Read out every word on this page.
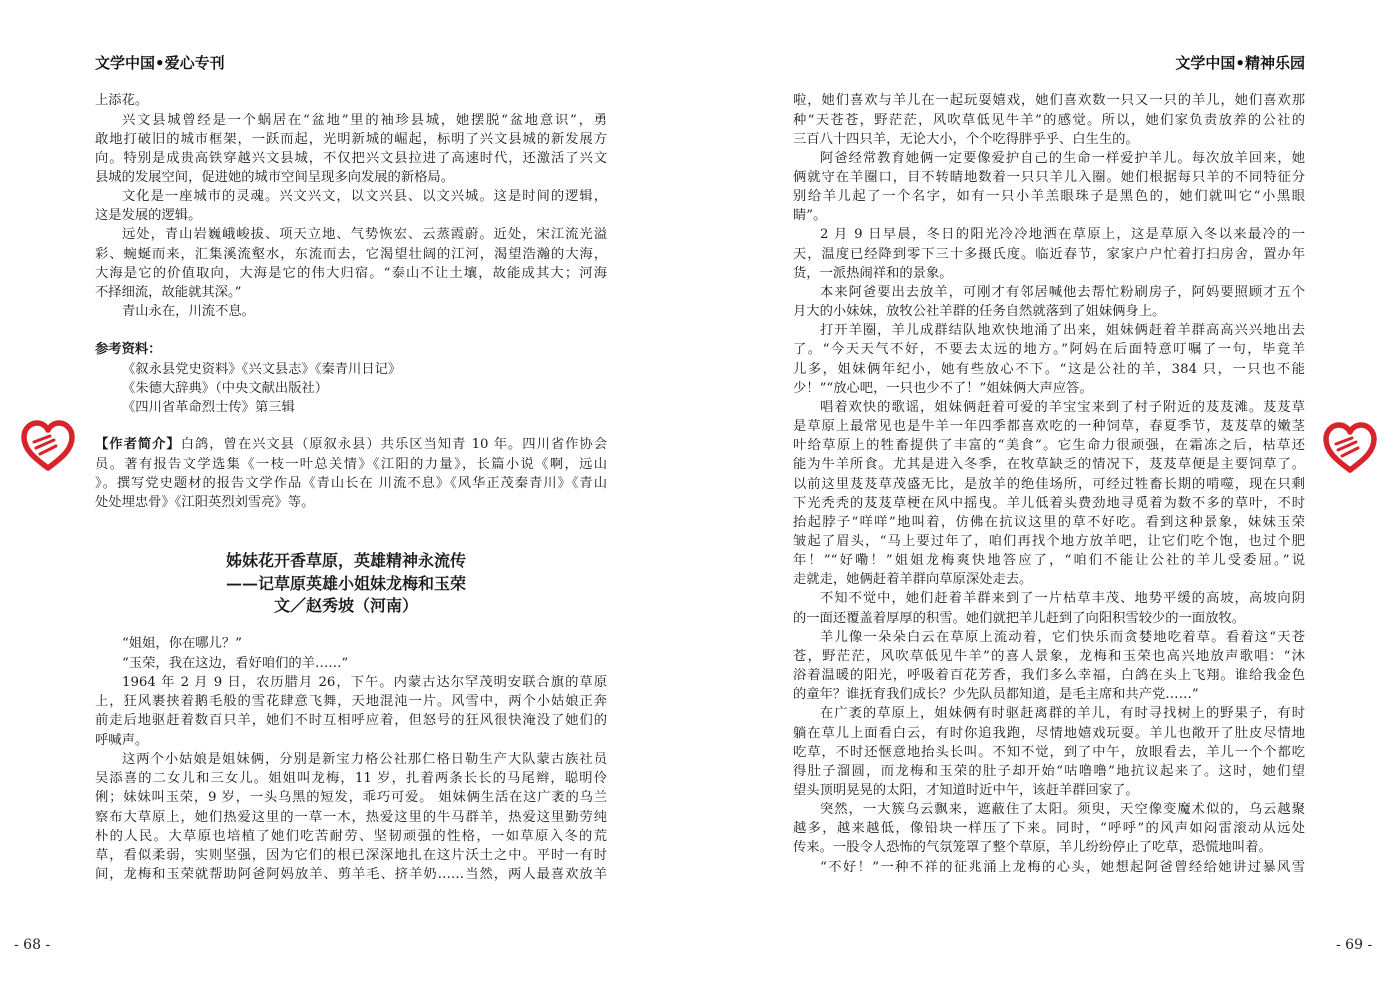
文学中国•爱心专刊
上添花。
兴文县城曾经是一个蜗居在“盆地”里的袖珍县城，她摆脱“盆地意识”，勇
敢地打破旧的城市框架，一跃而起，光明新城的崛起，标明了兴文县城的新发展方
向。特别是成贵高铁穿越兴文县城，不仅把兴文县拉进了高速时代，还激活了兴文
县城的发展空间，促进她的城市空间呈现多向发展的新格局。
文化是一座城市的灵魂。兴文兴文，以文兴县、以文兴城。这是时间的逻辑，
这是发展的逻辑。
远处，青山岩巍峨峻拔、项天立地、气势恢宏、云蒸霞蔚。近处，宋江流光溢
彩、蜿蜒而来，汇集溪流壑水，东流而去，它渴望壮阔的江河，渴望浩瀚的大海，
大海是它的价值取向，大海是它的伟大归宿。“泰山不让土壤，故能成其大；河海
不择细流，故能就其深。”
青山永在，川流不息。
参考资料：
《叙永县党史资料》《兴文县志》《秦青川日记》
《朱德大辞典》（中央文献出版社）
《四川省革命烈士传》第三辑
【作者简介】白鸽，曾在兴文县（原叙永县）共乐区当知青 10 年。四川省作协会
员。著有报告文学选集《一枝一叶总关情》《江阳的力量》，长篇小说《啊，远山
》。撰写党史题材的报告文学作品《青山长在 川流不息》《风华正茂秦青川》《青山
处处埋忠骨》《江阳英烈刘雪亮》等。
姊妹花开香草原，英雄精神永流传
——记草原英雄小姐妹龙梅和玉荣
文／赵秀坡（河南）
“姐姐，你在哪儿？”
“玉荣，我在这边，看好咱们的羊……”
1964 年 2 月 9 日，农历腊月 26，下午。内蒙古达尔罕茂明安联合旗的草原
上，狂风裹挟着鹅毛般的雪花肆意飞舞，天地混沌一片。风雪中，两个小姑娘正奔
前走后地驱赶着数百只羊，她们不时互相呼应着，但怒号的狂风很快淹没了她们的
呼喊声。
这两个小姑娘是姐妹俩，分别是新宝力格公社那仁格日勒生产大队蒙古族社员
吴添喜的二女儿和三女儿。姐姐叫龙梅，11 岁，扎着两条长长的马尾辫，聪明伶
俐；妹妹叫玉荣，9 岁，一头乌黑的短发，乖巧可爱。 姐妹俩生活在这广袤的乌兰
察布大草原上，她们热爱这里的一草一木，热爱这里的牛马群羊，热爱这里勤劳纯
朴的人民。大草原也培植了她们吃苦耐劳、坚韧顽强的性格，一如草原入冬的荒
草，看似柔弱，实则坚强，因为它们的根已深深地扎在这片沃土之中。平时一有时
间，龙梅和玉荣就帮助阿爸阿妈放羊、剪羊毛、挤羊奶……当然，两人最喜欢放羊
- 68 -
文学中国•精神乐园
啦，她们喜欢与羊儿在一起玩耍嬉戏，她们喜欢数一只又一只的羊儿，她们喜欢那
种“天苍苍，野茫茫，风吹草低见牛羊”的感觉。所以，她们家负责放养的公社的
三百八十四只羊，无论大小，个个吃得胖乎乎、白生生的。
阿爸经常教育她俩一定要像爱护自己的生命一样爱护羊儿。每次放羊回来，她
俩就守在羊圈口，目不转睛地数着一只只羊儿入圈。她们根据每只羊的不同特征分
别给羊儿起了一个名字，如有一只小羊羔眼珠子是黑色的，她们就叫它“小黑眼
睛”。
2 月 9 日早晨，冬日的阳光冷冷地洒在草原上，这是草原入冬以来最冷的一
天，温度已经降到零下三十多摄氏度。临近春节，家家户户忙着打扫房舍，置办年
货，一派热闹祥和的景象。
本来阿爸要出去放羊，可刚才有邻居喊他去帮忙粉刷房子，阿妈要照顾才五个
月大的小妹妹，放牧公社羊群的任务自然就落到了姐妹俩身上。
打开羊圈，羊儿成群结队地欢快地涌了出来，姐妹俩赶着羊群高高兴兴地出去
了。“今天天气不好，不要去太远的地方。”阿妈在后面特意叮嘱了一句，毕竟羊
儿多，姐妹俩年纪小，她有些放心不下。“这是公社的羊，384 只，一只也不能
少！”“放心吧，一只也少不了！”姐妹俩大声应答。
唱着欢快的歌谣，姐妹俩赶着可爱的羊宝宝来到了村子附近的芨芨滩。芨芨草
是草原上最常见也是牛羊一年四季都喜欢吃的一种饲草，春夏季节，芨芨草的嫩茎
叶给草原上的牲畜提供了丰富的“美食”。它生命力很顽强，在霜冻之后，枯草还
能为牛羊所食。尤其是进入冬季，在牧草缺乏的情况下，芨芨草便是主要饲草了。
以前这里芨芨草茂盛无比，是放羊的绝佳场所，可经过牲畜长期的啃噬，现在只剩
下光秃秃的芨芨草梗在风中摇曳。羊儿低着头费劲地寻觅着为数不多的草叶，不时
抬起脖子“咩咩”地叫着，仿佛在抗议这里的草不好吃。看到这种景象，妹妹玉荣
皱起了眉头，“马上要过年了，咱们再找个地方放羊吧，让它们吃个饱，也过个肥
年！”“好嘞！”姐姐龙梅爽快地答应了，“咱们不能让公社的羊儿受委屈。”说
走就走，她俩赶着羊群向草原深处走去。
不知不觉中，她们赶着羊群来到了一片枯草丰茂、地势平缓的高坡，高坡向阴
的一面还覆盖着厚厚的积雪。她们就把羊儿赶到了向阳积雪较少的一面放牧。
羊儿像一朵朵白云在草原上流动着，它们快乐而贪婪地吃着草。看着这“天苍
苍，野茫茫，风吹草低见牛羊”的喜人景象，龙梅和玉荣也高兴地放声歌唱：“沐
浴着温暖的阳光，呼吸着百花芳香，我们多么幸福，白鸽在头上飞翔。谁给我金色
的童年？谁抚育我们成长？少先队员都知道，是毛主席和共产党……”
在广袤的草原上，姐妹俩有时驱赶离群的羊儿，有时寻找树上的野果子，有时
躺在草儿上面看白云，有时你追我跑，尽情地嬉戏玩耍。羊儿也敞开了肚皮尽情地
吃草，不时还惬意地抬头长叫。不知不觉，到了中午，放眼看去，羊儿一个个都吃
得肚子溜圆，而龙梅和玉荣的肚子却开始“咕噜噜”地抗议起来了。这时，她们望
望头顶明晃晃的太阳，才知道时近中午，该赶羊群回家了。
突然，一大簇乌云飘来，遮蔽住了太阳。须臾，天空像变魔术似的，乌云越聚
越多，越来越低，像铅块一样压了下来。同时，“呼呼”的风声如闷雷滚动从远处
传来。一股令人恐怖的气氛笼罩了整个草原，羊儿纷纷停止了吃草，恐慌地叫着。
“不好！”一种不祥的征兆涌上龙梅的心头，她想起阿爸曾经给她讲过暴风雪
- 69 -
